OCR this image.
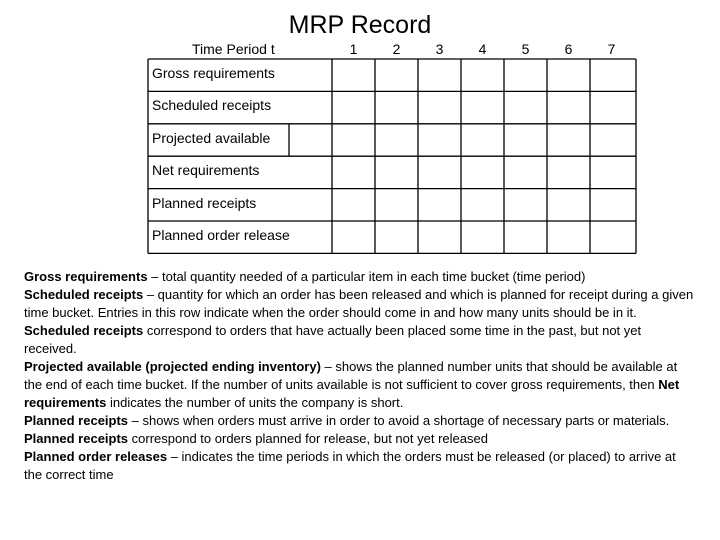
MRP Record
Time Period t	1	2	3	4	5	6	7
Gross requirements
Scheduled receipts
Projected available
Net requirements
Planned receipts
Planned order release

Gross requirements – total quantity needed of a particular item in each time bucket (time period)

Scheduled receipts – quantity for which an order has been released and which is planned for receipt during a given time bucket. Entries in this row indicate when the order should come in and how many units should be in it. Scheduled receipts correspond to orders that have actually been placed some time in the past, but not yet received.

Projected available (projected ending inventory) – shows the planned number units that should be available at the end of each time bucket. If the number of units available is not sufficient to cover gross requirements, then Net requirements indicates the number of units the company is short.

Planned receipts – shows when orders must arrive in order to avoid a shortage of necessary parts or materials. Planned receipts correspond to orders planned for release, but not yet released

Planned order releases – indicates the time periods in which the orders must be released (or placed) to arrive at the correct time
